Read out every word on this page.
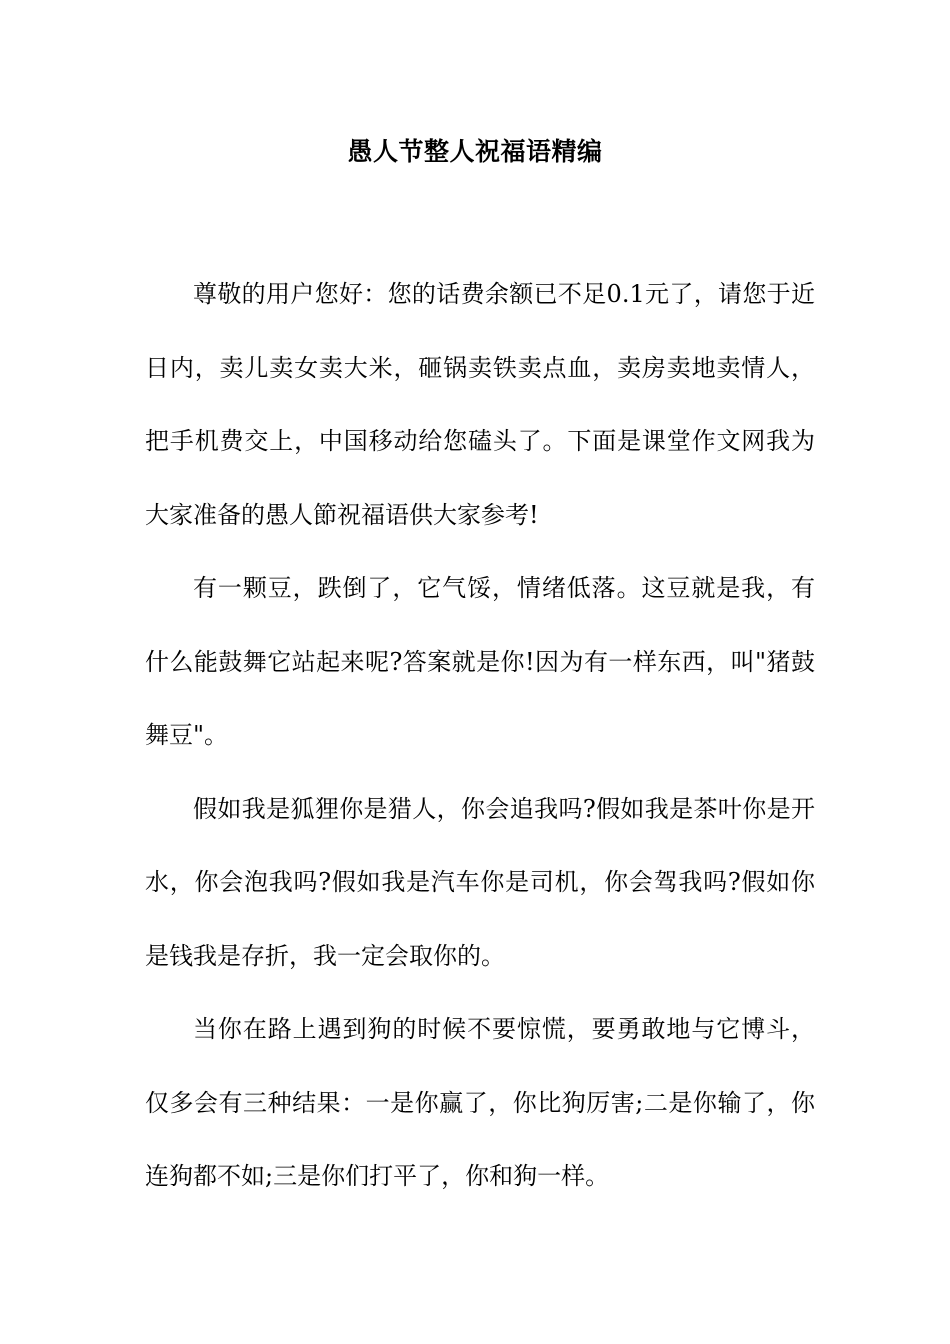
愚人节整人祝福语精编

尊敬的用户您好：您的话费余额已不足0.1元了，请您于近日内，卖儿卖女卖大米，砸锅卖铁卖点血，卖房卖地卖情人，把手机费交上，中国移动给您磕头了。下面是课堂作文网我为大家准备的愚人節祝福语供大家参考!

有一颗豆，跌倒了，它气馁，情绪低落。这豆就是我，有什么能鼓舞它站起来呢?答案就是你!因为有一样东西，叫"猪鼓舞豆"。

假如我是狐狸你是猎人，你会追我吗?假如我是茶叶你是开水，你会泡我吗?假如我是汽车你是司机，你会驾我吗?假如你是钱我是存折，我一定会取你的。

当你在路上遇到狗的时候不要惊慌，要勇敢地与它博斗，仅多会有三种结果：一是你赢了，你比狗厉害;二是你输了，你连狗都不如;三是你们打平了，你和狗一样。
